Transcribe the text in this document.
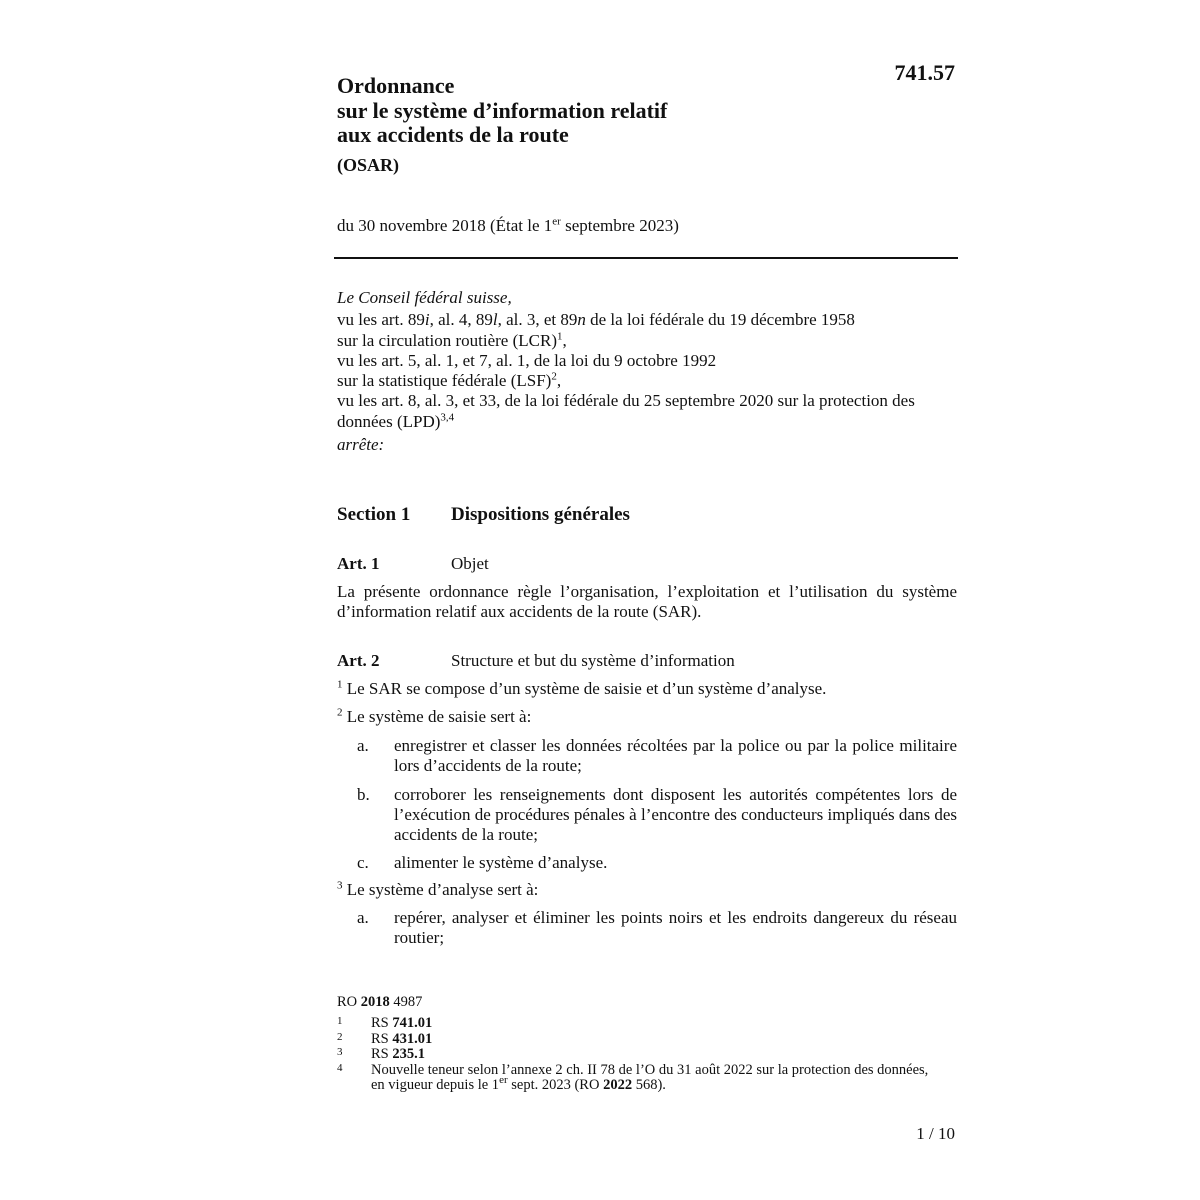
Ordonnance
sur le système d’information relatif
aux accidents de la route
(OSAR)
741.57
du 30 novembre 2018 (État le 1er septembre 2023)
Le Conseil fédéral suisse,
vu les art. 89i, al. 4, 89l, al. 3, et 89n de la loi fédérale du 19 décembre 1958
sur la circulation routière (LCR)$^1$,
vu les art. 5, al. 1, et 7, al. 1, de la loi du 9 octobre 1992
sur la statistique fédérale (LSF)$^2$,
vu les art. 8, al. 3, et 33, de la loi fédérale du 25 septembre 2020 sur la protection des
données (LPD)$^{3,4}$
arrête:
Section 1 Dispositions générales
Art. 1	Objet
La présente ordonnance règle l’organisation, l’exploitation et l’utilisation du système d’information relatif aux accidents de la route (SAR).
Art. 2	Structure et but du système d’information
$^1$ Le SAR se compose d’un système de saisie et d’un système d’analyse.
$^2$ Le système de saisie sert à:
a. enregistrer et classer les données récoltées par la police ou par la police militaire lors d’accidents de la route;
b. corroborer les renseignements dont disposent les autorités compétentes lors de l’exécution de procédures pénales à l’encontre des conducteurs impliqués dans des accidents de la route;
c. alimenter le système d’analyse.
$^3$ Le système d’analyse sert à:
a. repérer, analyser et éliminer les points noirs et les endroits dangereux du réseau routier;
RO 2018 4987
1 RS 741.01
2 RS 431.01
3 RS 235.1
4 Nouvelle teneur selon l’annexe 2 ch. II 78 de l’O du 31 août 2022 sur la protection des données, en vigueur depuis le 1er sept. 2023 (RO 2022 568).
1 / 10
